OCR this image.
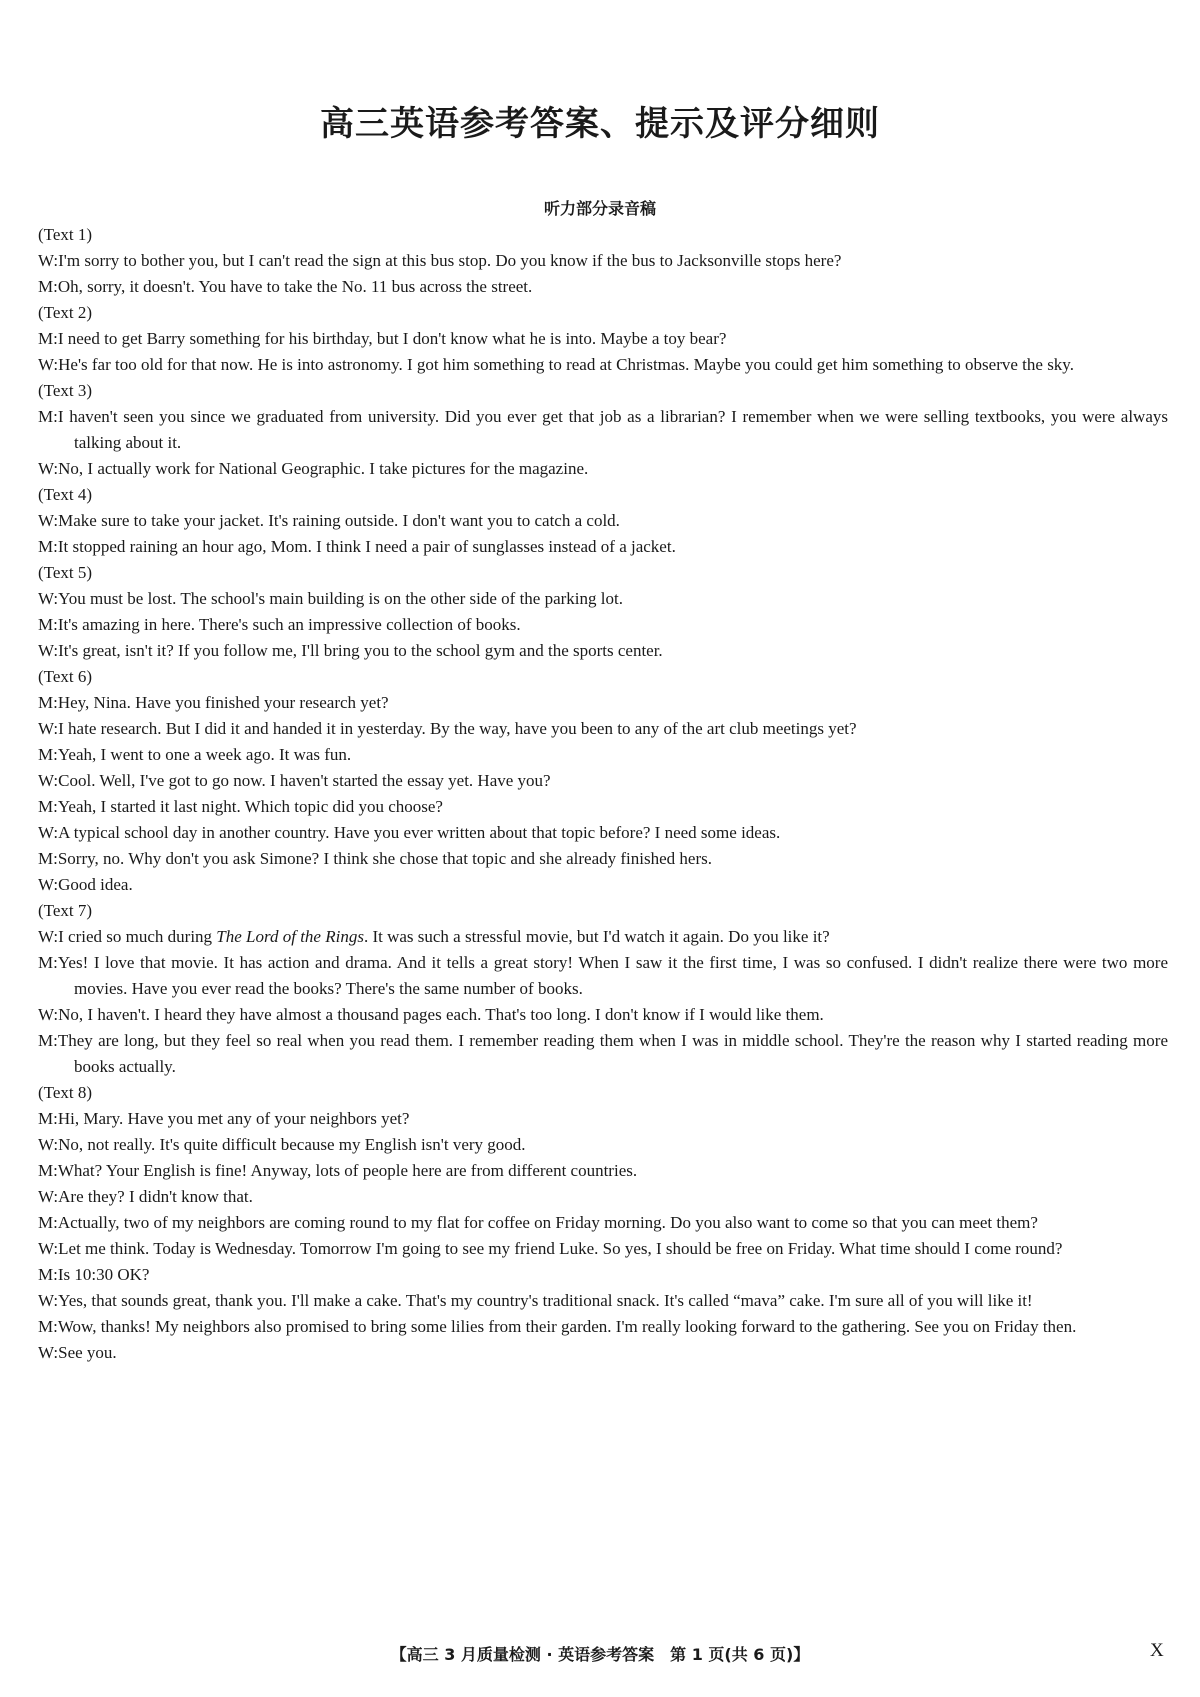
高三英语参考答案、提示及评分细则
听力部分录音稿
(Text 1)
W:I'm sorry to bother you, but I can't read the sign at this bus stop. Do you know if the bus to Jacksonville stops here?
M:Oh, sorry, it doesn't. You have to take the No. 11 bus across the street.
(Text 2)
M:I need to get Barry something for his birthday, but I don't know what he is into. Maybe a toy bear?
W:He's far too old for that now. He is into astronomy. I got him something to read at Christmas. Maybe you could get him something to observe the sky.
(Text 3)
M:I haven't seen you since we graduated from university. Did you ever get that job as a librarian? I remember when we were selling textbooks, you were always talking about it.
W:No, I actually work for National Geographic. I take pictures for the magazine.
(Text 4)
W:Make sure to take your jacket. It's raining outside. I don't want you to catch a cold.
M:It stopped raining an hour ago, Mom. I think I need a pair of sunglasses instead of a jacket.
(Text 5)
W:You must be lost. The school's main building is on the other side of the parking lot.
M:It's amazing in here. There's such an impressive collection of books.
W:It's great, isn't it? If you follow me, I'll bring you to the school gym and the sports center.
(Text 6)
M:Hey, Nina. Have you finished your research yet?
W:I hate research. But I did it and handed it in yesterday. By the way, have you been to any of the art club meetings yet?
M:Yeah, I went to one a week ago. It was fun.
W:Cool. Well, I've got to go now. I haven't started the essay yet. Have you?
M:Yeah, I started it last night. Which topic did you choose?
W:A typical school day in another country. Have you ever written about that topic before? I need some ideas.
M:Sorry, no. Why don't you ask Simone? I think she chose that topic and she already finished hers.
W:Good idea.
(Text 7)
W:I cried so much during The Lord of the Rings. It was such a stressful movie, but I'd watch it again. Do you like it?
M:Yes! I love that movie. It has action and drama. And it tells a great story! When I saw it the first time, I was so confused. I didn't realize there were two more movies. Have you ever read the books? There's the same number of books.
W:No, I haven't. I heard they have almost a thousand pages each. That's too long. I don't know if I would like them.
M:They are long, but they feel so real when you read them. I remember reading them when I was in middle school. They're the reason why I started reading more books actually.
(Text 8)
M:Hi, Mary. Have you met any of your neighbors yet?
W:No, not really. It's quite difficult because my English isn't very good.
M:What? Your English is fine! Anyway, lots of people here are from different countries.
W:Are they? I didn't know that.
M:Actually, two of my neighbors are coming round to my flat for coffee on Friday morning. Do you also want to come so that you can meet them?
W:Let me think. Today is Wednesday. Tomorrow I'm going to see my friend Luke. So yes, I should be free on Friday. What time should I come round?
M:Is 10:30 OK?
W:Yes, that sounds great, thank you. I'll make a cake. That's my country's traditional snack. It's called “mava” cake. I'm sure all of you will like it!
M:Wow, thanks! My neighbors also promised to bring some lilies from their garden. I'm really looking forward to the gathering. See you on Friday then.
W:See you.
【高三 3 月质量检测 · 英语参考答案　第 1 页(共 6 页)】	X
